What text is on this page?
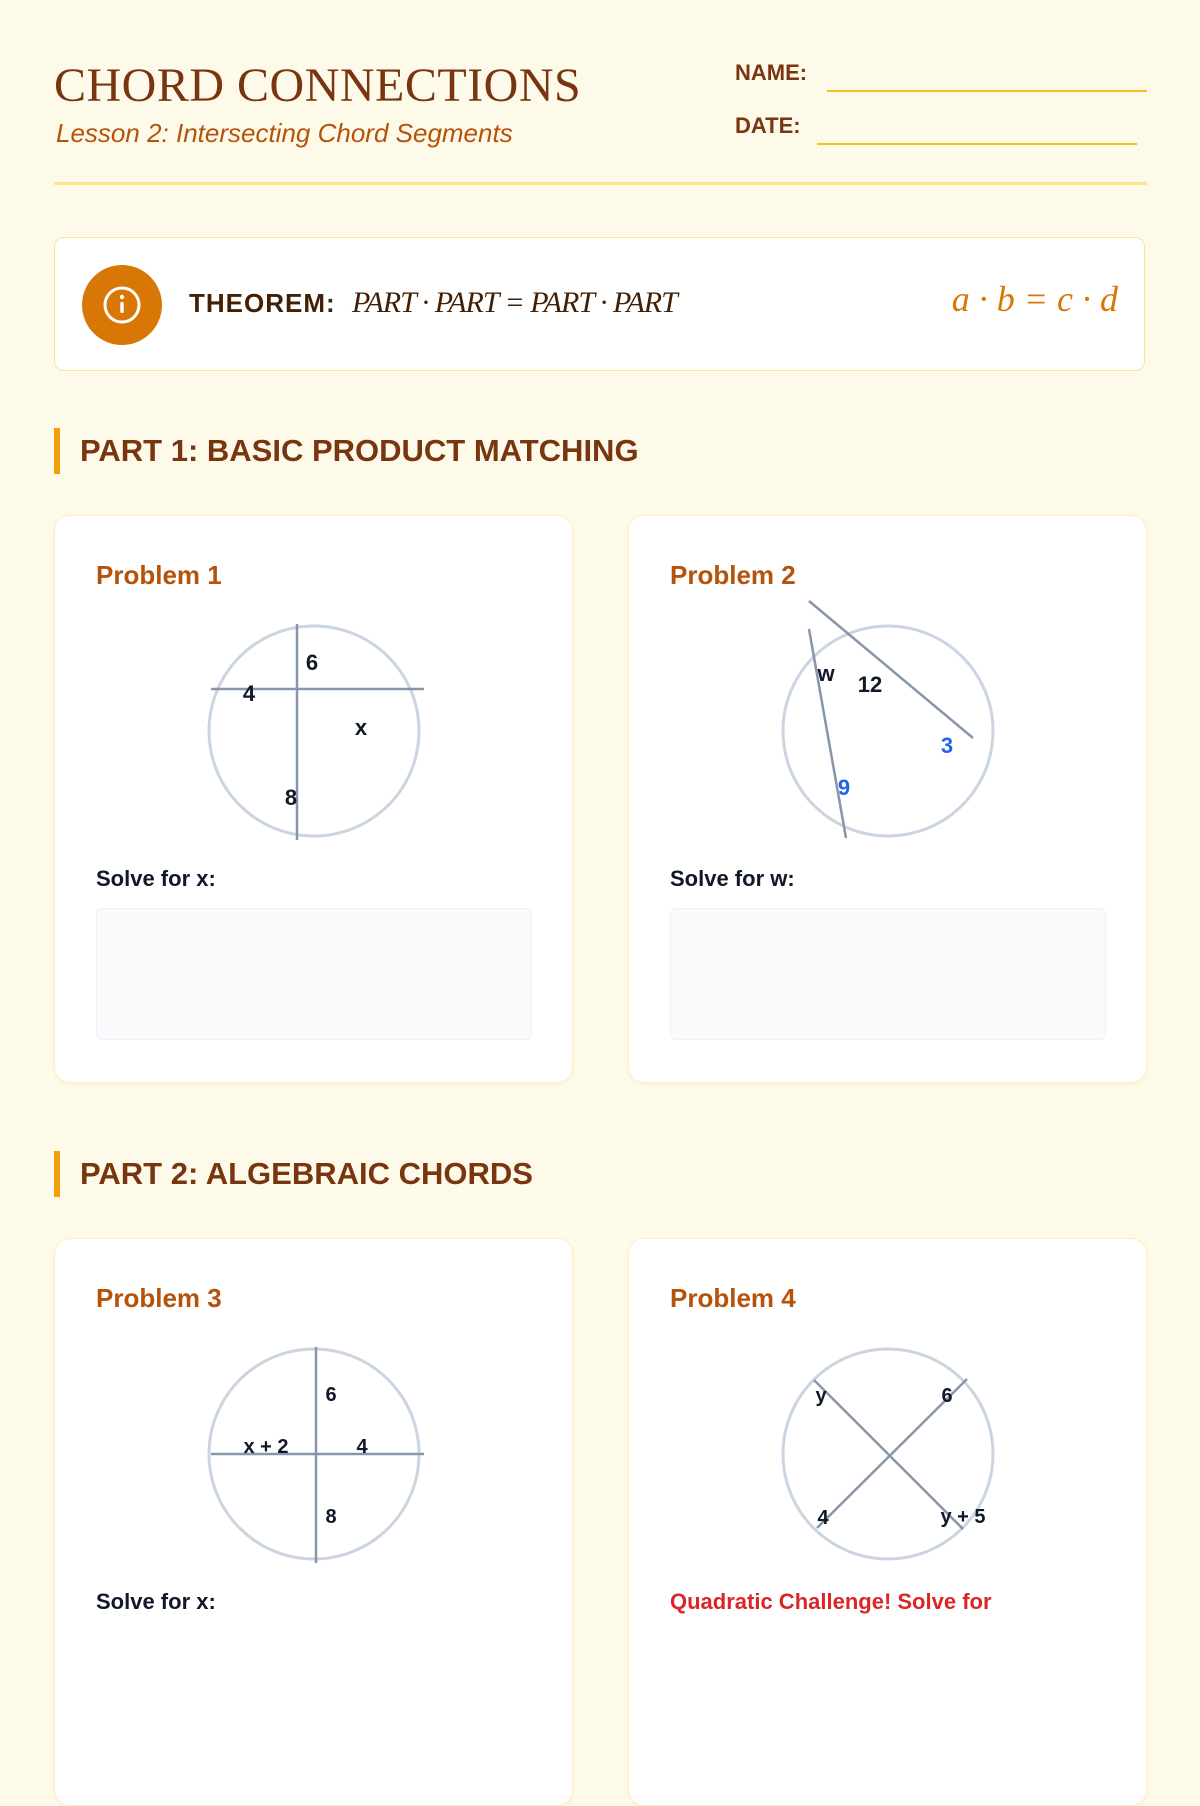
CHORD CONNECTIONS
Lesson 2: Intersecting Chord Segments
NAME:
DATE:
THEOREM: PART · PART = PART · PART	a · b = c · d
PART 1: BASIC PRODUCT MATCHING
Problem 1
6
4
x
8
Solve for x:
Problem 2
w 12
3
9
Solve for w:
PART 2: ALGEBRAIC CHORDS
Problem 3
6
x + 2	4
8
Solve for x:
Problem 4
y	6
4	y + 5
Quadratic Challenge! Solve for
